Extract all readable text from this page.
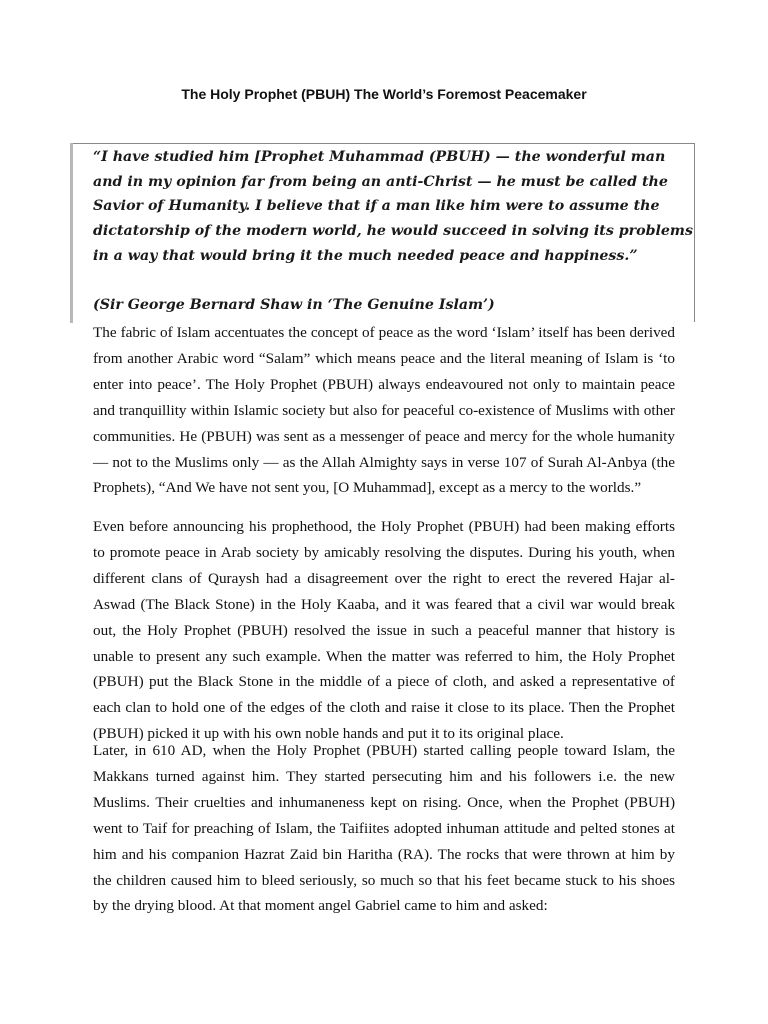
The Holy Prophet (PBUH) The World’s Foremost Peacemaker

“I have studied him [Prophet Muhammad (PBUH) — the wonderful man and in my opinion far from being an anti-Christ — he must be called the Savior of Humanity. I believe that if a man like him were to assume the dictatorship of the modern world, he would succeed in solving its problems in a way that would bring it the much needed peace and happiness.”

(Sir George Bernard Shaw in ‘The Genuine Islam’)

The fabric of Islam accentuates the concept of peace as the word ‘Islam’ itself has been derived from another Arabic word “Salam” which means peace and the literal meaning of Islam is ‘to enter into peace’. The Holy Prophet (PBUH) always endeavoured not only to maintain peace and tranquillity within Islamic society but also for peaceful co-existence of Muslims with other communities. He (PBUH) was sent as a messenger of peace and mercy for the whole humanity — not to the Muslims only — as the Allah Almighty says in verse 107 of Surah Al-Anbya (the Prophets), “And We have not sent you, [O Muhammad], except as a mercy to the worlds.”

Even before announcing his prophethood, the Holy Prophet (PBUH) had been making efforts to promote peace in Arab society by amicably resolving the disputes. During his youth, when different clans of Quraysh had a disagreement over the right to erect the revered Hajar al-Aswad (The Black Stone) in the Holy Kaaba, and it was feared that a civil war would break out, the Holy Prophet (PBUH) resolved the issue in such a peaceful manner that history is unable to present any such example. When the matter was referred to him, the Holy Prophet (PBUH) put the Black Stone in the middle of a piece of cloth, and asked a representative of each clan to hold one of the edges of the cloth and raise it close to its place. Then the Prophet (PBUH) picked it up with his own noble hands and put it to its original place.

Later, in 610 AD, when the Holy Prophet (PBUH) started calling people toward Islam, the Makkans turned against him. They started persecuting him and his followers i.e. the new Muslims. Their cruelties and inhumaneness kept on rising. Once, when the Prophet (PBUH) went to Taif for preaching of Islam, the Taifiites adopted inhuman attitude and pelted stones at him and his companion Hazrat Zaid bin Haritha (RA). The rocks that were thrown at him by the children caused him to bleed seriously, so much so that his feet became stuck to his shoes by the drying blood. At that moment angel Gabriel came to him and asked:
